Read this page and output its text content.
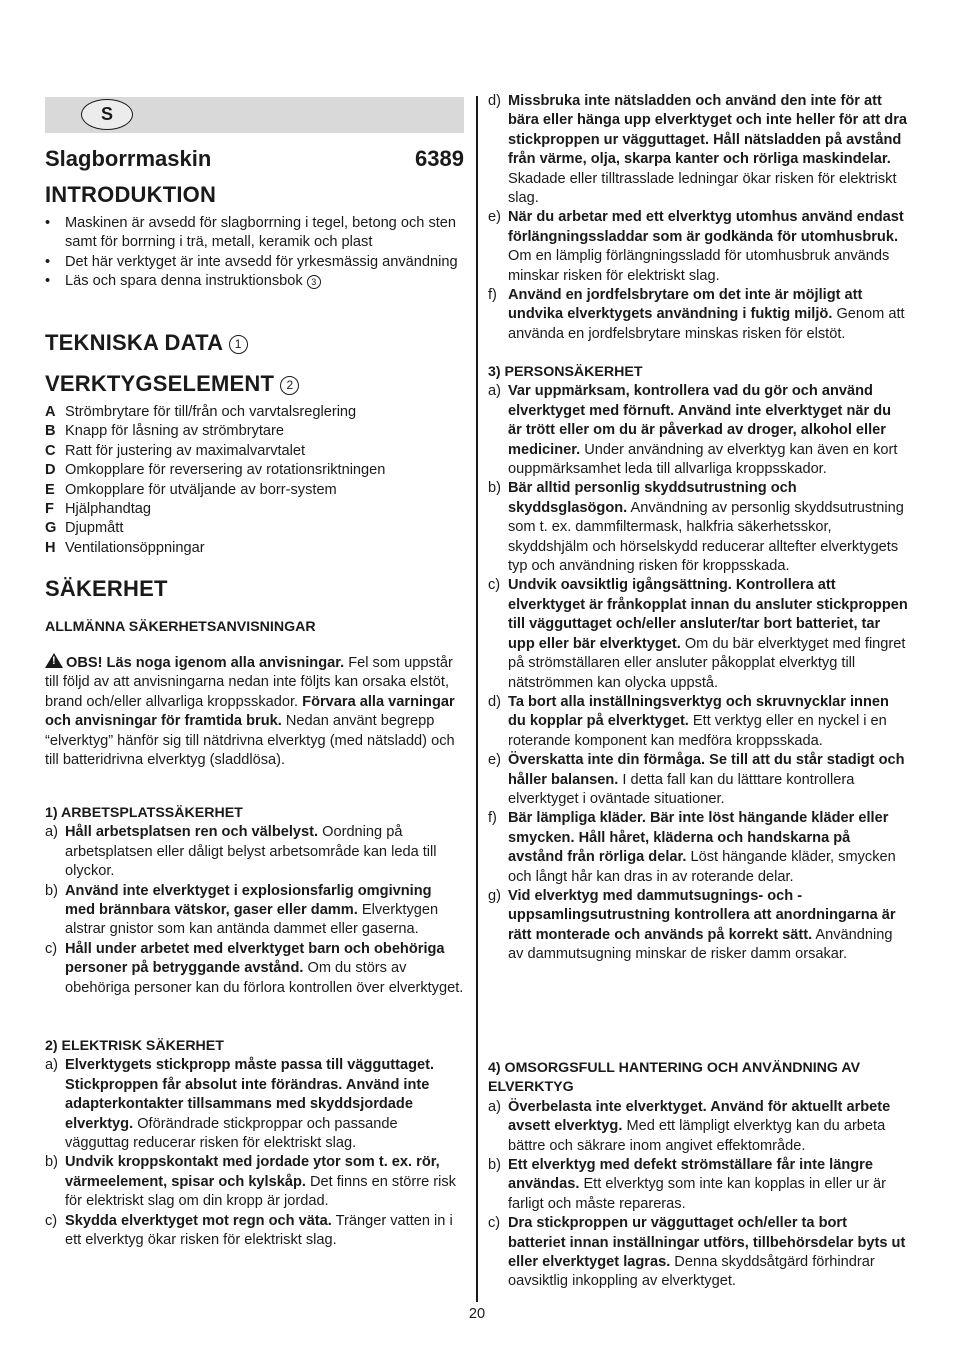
S
Slagborrmaskin	6389
INTRODUKTION
• Maskinen är avsedd för slagborrning i tegel, betong och sten samt för borrning i trä, metall, keramik och plast
• Det här verktyget är inte avsedd för yrkesmässig användning
• Läs och spara denna instruktionsbok 3
TEKNISKA DATA 1
VERKTYGSELEMENT 2
A Strömbrytare för till/från och varvtalsreglering
B Knapp för låsning av strömbrytare
C Ratt för justering av maximalvarvtalet
D Omkopplare för reversering av rotationsriktningen
E Omkopplare för utväljande av borr-system
F Hjälphandtag
G Djupmått
H Ventilationsöppningar
SÄKERHET
ALLMÄNNA SÄKERHETSANVISNINGAR

!OBS! Läs noga igenom alla anvisningar. Fel som uppstår till följd av att anvisningarna nedan inte följts kan orsaka elstöt, brand och/eller allvarliga kroppsskador. Förvara alla varningar och anvisningar för framtida bruk. Nedan använt begrepp “elverktyg” hänför sig till nätdrivna elverktyg (med nätsladd) och till batteridrivna elverktyg (sladdlösa).

1) ARBETSPLATSSÄKERHET
a) Håll arbetsplatsen ren och välbelyst. Oordning på arbetsplatsen eller dåligt belyst arbetsområde kan leda till olyckor.
b) Använd inte elverktyget i explosionsfarlig omgivning med brännbara vätskor, gaser eller damm. Elverktygen alstrar gnistor som kan antända dammet eller gaserna.
c) Håll under arbetet med elverktyget barn och obehöriga personer på betryggande avstånd. Om du störs av obehöriga personer kan du förlora kontrollen över elverktyget.
2) ELEKTRISK SÄKERHET
a) Elverktygets stickpropp måste passa till vägguttaget. Stickproppen får absolut inte förändras. Använd inte adapterkontakter tillsammans med skyddsjordade elverktyg. Oförändrade stickproppar och passande vägguttag reducerar risken för elektriskt slag.
b) Undvik kroppskontakt med jordade ytor som t. ex. rör, värmeelement, spisar och kylskåp. Det finns en större risk för elektriskt slag om din kropp är jordad.
c) Skydda elverktyget mot regn och väta. Tränger vatten in i ett elverktyg ökar risken för elektriskt slag.
d) Missbruka inte nätsladden och använd den inte för att bära eller hänga upp elverktyget och inte heller för att dra stickproppen ur vägguttaget. Håll nätsladden på avstånd från värme, olja, skarpa kanter och rörliga maskindelar. Skadade eller tilltrasslade ledningar ökar risken för elektriskt slag.
e) När du arbetar med ett elverktyg utomhus använd endast förlängningssladdar som är godkända för utomhusbruk. Om en lämplig förlängningssladd för utomhusbruk används minskar risken för elektriskt slag.
f) Använd en jordfelsbrytare om det inte är möjligt att undvika elverktygets användning i fuktig miljö. Genom att använda en jordfelsbrytare minskas risken för elstöt.
3) PERSONSÄKERHET
a) Var uppmärksam, kontrollera vad du gör och använd elverktyget med förnuft. Använd inte elverktyget när du är trött eller om du är påverkad av droger, alkohol eller mediciner. Under användning av elverktyg kan även en kort ouppmärksamhet leda till allvarliga kroppsskador.
b) Bär alltid personlig skyddsutrustning och skyddsglasögon. Användning av personlig skyddsutrustning som t. ex. dammfiltermask, halkfria säkerhetsskor, skyddshjälm och hörselskydd reducerar alltefter elverktygets typ och användning risken för kroppsskada.
c) Undvik oavsiktlig igångsättning. Kontrollera att elverktyget är frånkopplat innan du ansluter stickproppen till vägguttaget och/eller ansluter/tar bort batteriet, tar upp eller bär elverktyget. Om du bär elverktyget med fingret på strömställaren eller ansluter påkopplat elverktyg till nätströmmen kan olycka uppstå.
d) Ta bort alla inställningsverktyg och skruvnycklar innen du kopplar på elverktyget. Ett verktyg eller en nyckel i en roterande komponent kan medföra kroppsskada.
e) Överskatta inte din förmåga. Se till att du står stadigt och håller balansen. I detta fall kan du lätttare kontrollera elverktyget i oväntade situationer.
f) Bär lämpliga kläder. Bär inte löst hängande kläder eller smycken. Håll håret, kläderna och handskarna på avstånd från rörliga delar. Löst hängande kläder, smycken och långt hår kan dras in av roterande delar.
g) Vid elverktyg med dammutsugnings- och -uppsamlingsutrustning kontrollera att anordningarna är rätt monterade och används på korrekt sätt. Användning av dammutsugning minskar de risker damm orsakar.
4) OMSORGSFULL HANTERING OCH ANVÄNDNING AV ELVERKTYG
a) Överbelasta inte elverktyget. Använd för aktuellt arbete avsett elverktyg. Med ett lämpligt elverktyg kan du arbeta bättre och säkrare inom angivet effektområde.
b) Ett elverktyg med defekt strömställare får inte längre användas. Ett elverktyg som inte kan kopplas in eller ur är farligt och måste repareras.
c) Dra stickproppen ur vägguttaget och/eller ta bort batteriet innan inställningar utförs, tillbehörsdelar byts ut eller elverktyget lagras. Denna skyddsåtgärd förhindrar oavsiktlig inkoppling av elverktyget.
20
